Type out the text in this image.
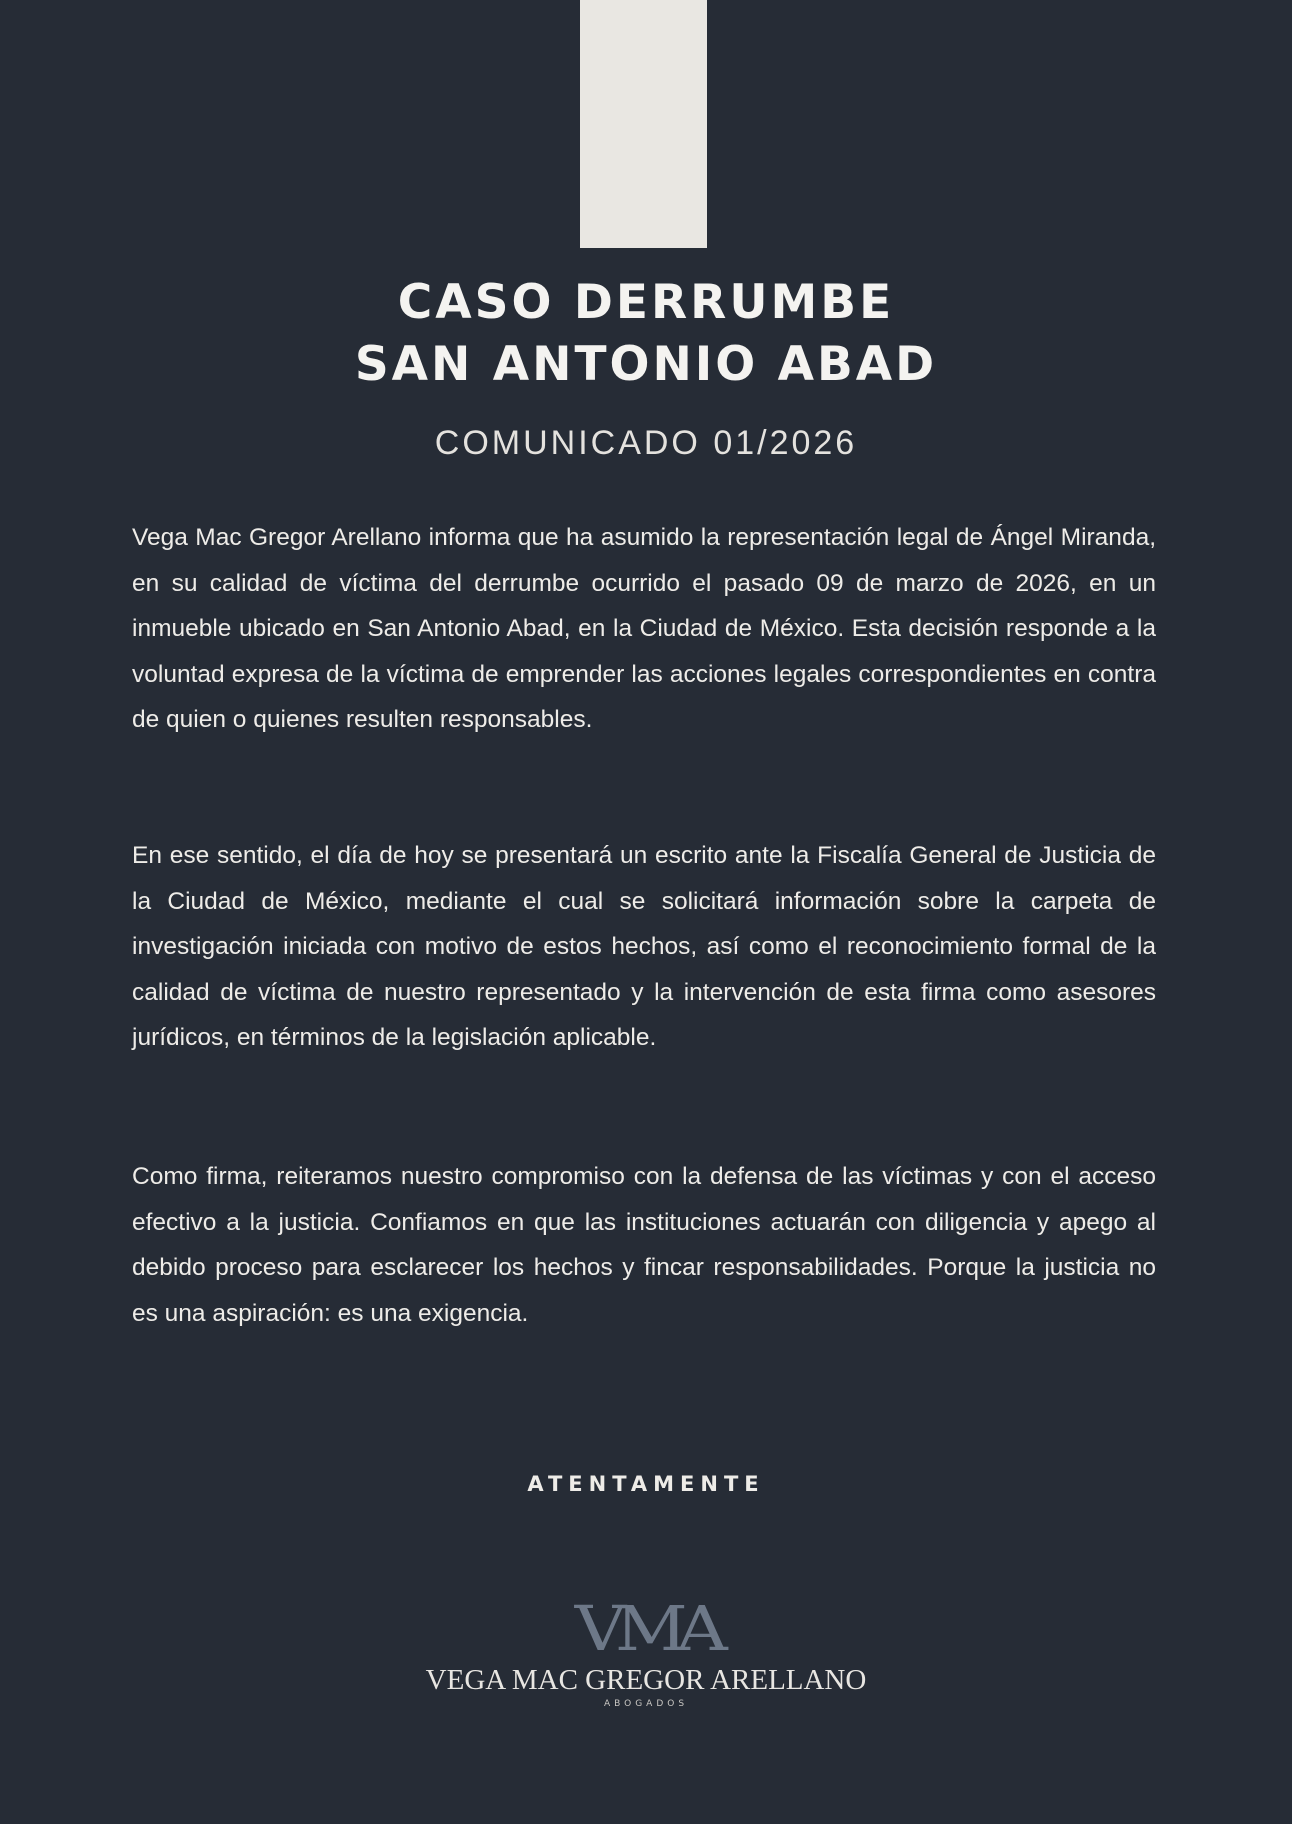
CASO DERRUMBE
SAN ANTONIO ABAD
COMUNICADO 01/2026

Vega Mac Gregor Arellano informa que ha asumido la representación legal de Ángel Miranda, en su calidad de víctima del derrumbe ocurrido el pasado 09 de marzo de 2026, en un inmueble ubicado en San Antonio Abad, en la Ciudad de México. Esta decisión responde a la voluntad expresa de la víctima de emprender las acciones legales correspondientes en contra de quien o quienes resulten responsables.

En ese sentido, el día de hoy se presentará un escrito ante la Fiscalía General de Justicia de la Ciudad de México, mediante el cual se solicitará información sobre la carpeta de investigación iniciada con motivo de estos hechos, así como el reconocimiento formal de la calidad de víctima de nuestro representado y la intervención de esta firma como asesores jurídicos, en términos de la legislación aplicable.

Como firma, reiteramos nuestro compromiso con la defensa de las víctimas y con el acceso efectivo a la justicia. Confiamos en que las instituciones actuarán con diligencia y apego al debido proceso para esclarecer los hechos y fincar responsabilidades. Porque la justicia no es una aspiración: es una exigencia.

ATENTAMENTE
VMA
VEGA MAC GREGOR ARELLANO
ABOGADOS
